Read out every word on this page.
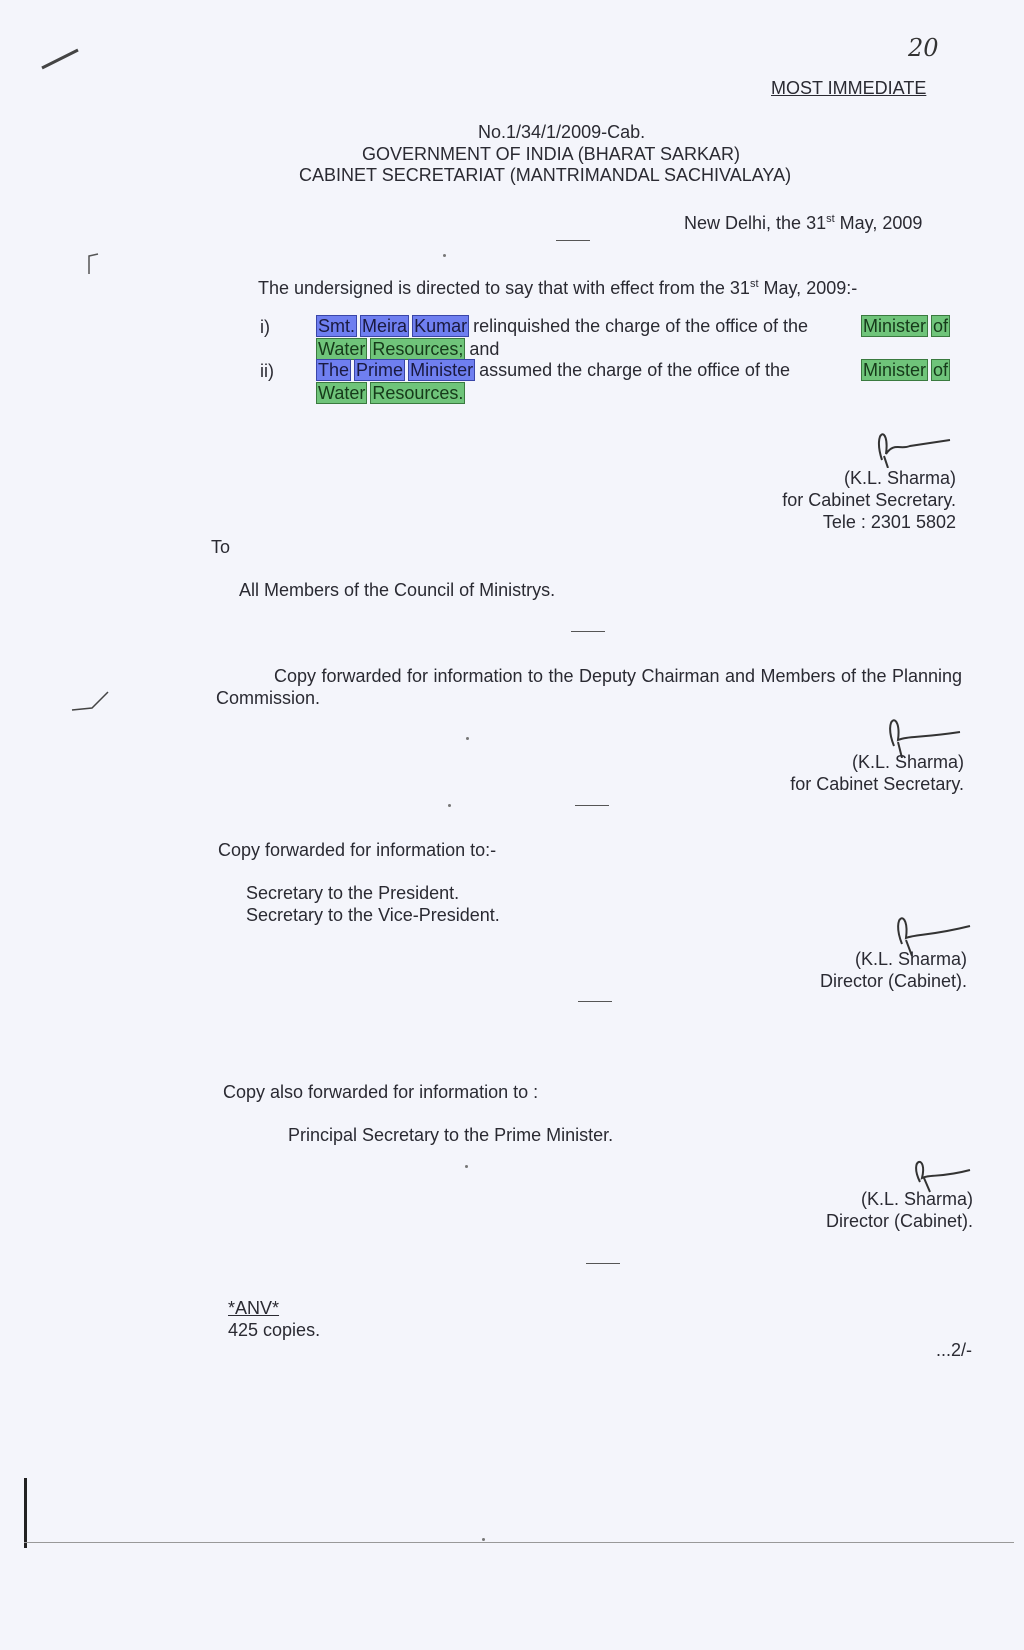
20
MOST IMMEDIATE
No.1/34/1/2009-Cab.
GOVERNMENT OF INDIA (BHARAT SARKAR)
CABINET SECRETARIAT (MANTRIMANDAL SACHIVALAYA)
New Delhi, the 31st May, 2009
The undersigned is directed to say that with effect from the 31st May, 2009:-
i)	Smt. Meira Kumar relinquished the charge of the office of the	Minister of
Water Resources; and
ii) The Prime Minister assumed the charge of the office of the	Minister of
Water Resources.
(K.L. Sharma)
for Cabinet Secretary.
Tele : 2301 5802
To
All Members of the Council of Ministrys.
Copy forwarded for information to the Deputy Chairman and Members of the Planning Commission.
(K.L. Sharma)
for Cabinet Secretary.
Copy forwarded for information to:-
Secretary to the President.
Secretary to the Vice-President.
(K.L. Sharma)
Director (Cabinet).
Copy also forwarded for information to :
Principal Secretary to the Prime Minister.
(K.L. Sharma)
Director (Cabinet).
*ANV*
425 copies.
...2/-
